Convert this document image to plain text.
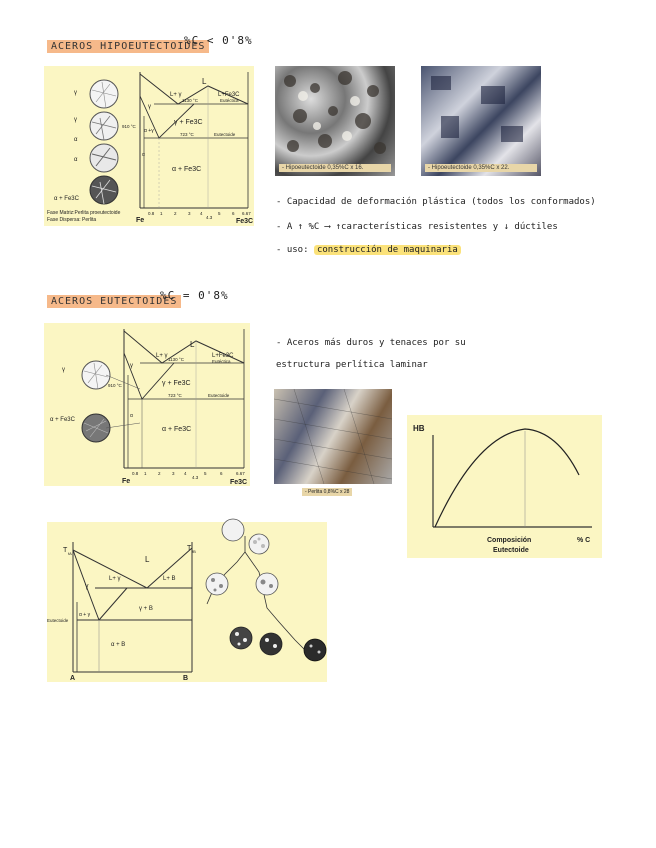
ACEROS HIPOEUTECTOIDES
%C < 0'8%
γ
γ
α
α
α + Fe3C
L
L+ γ	L+Fe3C
γ
γ + Fe3C
α + Fe3C
α +γ
α
1130 °C
910 °C
723 °C
Eutéctica
Eutectoide
0.8 1	2	3 4
4.3
5	6 6.67
Fe	Fe3C
Fase Matriz:Perlita proeutectoide
Fase Dispersa: Perlita
- Hipoeutectoide 0,35%C x 16.	- Hipoeutectoide 0,35%C x 22.
- Capacidad de deformación plástica (todos los conformados)
- A ↑ %C ⟶ ↑características resistentes y ↓ dúctiles
- uso: construcción de maquinaria
ACEROS EUTECTOIDES
%C = 0'8%
γ
α + Fe3C
L
L+ γ	L+Fe3C
γ
γ + Fe3C
α + Fe3C
α
1130 °C
910 °C
723 °C
Eutéctica
Eutectoide
0.8 1	2	3 4
4.3
5	6	6.67
Fe	Fe3C
- Aceros más duros y tenaces por su
estructura perlítica laminar
- Perlita 0,8%C x 28
HB
Composición
Eutectoide
% C
T fA
T fB
L
L+ γ	L+ B
γ
γ + B
α + γ
α + B
Eutectoide
A	B
